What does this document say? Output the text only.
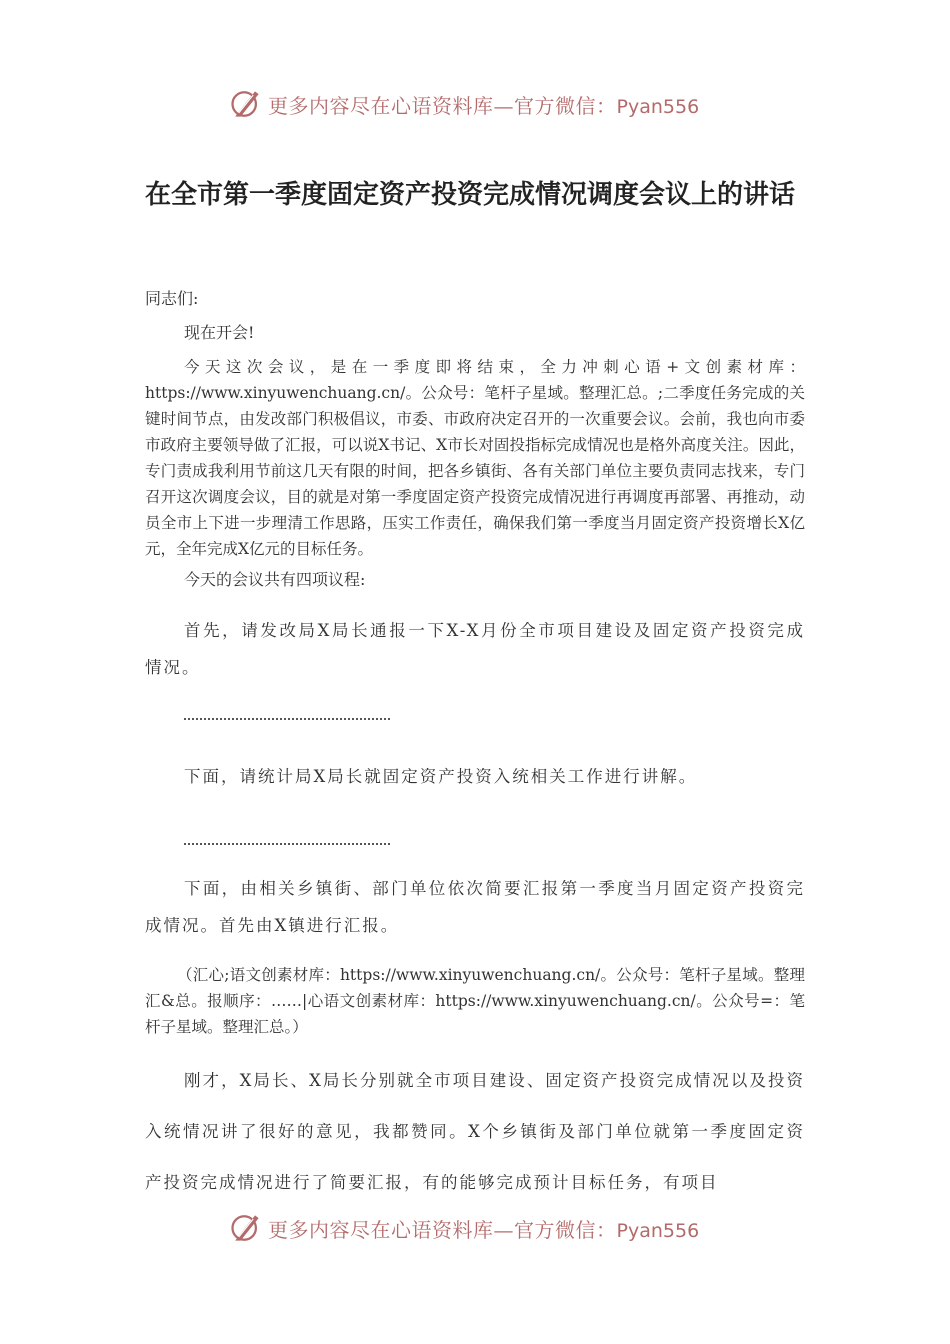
更多内容尽在心语资料库—官方微信：Pyan556
在全市第一季度固定资产投资完成情况调度会议上的讲话

同志们:

现在开会!

今天这次会议，是在一季度即将结束，全力冲刺心语+文创素材库：https://www.xinyuwenchuang.cn/。公众号：笔杆子星域。整理汇总。;二季度任务完成的关键时间节点，由发改部门积极倡议，市委、市政府决定召开的一次重要会议。会前，我也向市委市政府主要领导做了汇报，可以说X书记、X市长对固投指标完成情况也是格外高度关注。因此，专门责成我利用节前这几天有限的时间，把各乡镇街、各有关部门单位主要负责同志找来，专门召开这次调度会议，目的就是对第一季度固定资产投资完成情况进行再调度再部署、再推动，动员全市上下进一步理清工作思路，压实工作责任，确保我们第一季度当月固定资产投资增长X亿元，全年完成X亿元的目标任务。

今天的会议共有四项议程:

首先，请发改局X局长通报一下X-X月份全市项目建设及固定资产投资完成情况。

下面，请统计局X局长就固定资产投资入统相关工作进行讲解。

下面，由相关乡镇街、部门单位依次简要汇报第一季度当月固定资产投资完成情况。首先由X镇进行汇报。

（汇心;语文创素材库：https://www.xinyuwenchuang.cn/。公众号：笔杆子星域。整理汇&总。报顺序：……|心语文创素材库：https://www.xinyuwenchuang.cn/。公众号=：笔杆子星域。整理汇总。）

刚才，X局长、X局长分别就全市项目建设、固定资产投资完成情况以及投资入统情况讲了很好的意见，我都赞同。X个乡镇街及部门单位就第一季度固定资产投资完成情况进行了简要汇报，有的能够完成预计目标任务，有项目

更多内容尽在心语资料库—官方微信：Pyan556
